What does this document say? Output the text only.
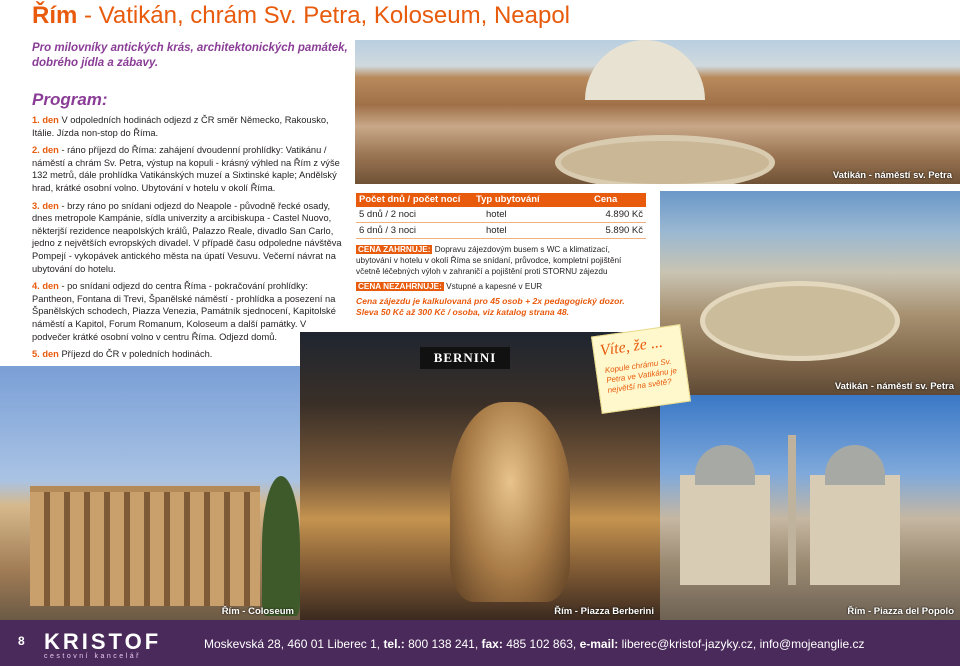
Řím - Vatikán, chrám Sv. Petra, Koloseum, Neapol
Pro milovníky antických krás, architektonických památek, dobrého jídla a zábavy.
Program:

1. den V odpoledních hodinách odjezd z ČR směr Německo, Rakousko, Itálie. Jízda non-stop do Říma.

2. den - ráno příjezd do Říma: zahájení dvoudenní prohlídky: Vatikánu / náměstí a chrám Sv. Petra, výstup na kopuli - krásný výhled na Řím z výše 132 metrů, dále prohlídka Vatikánských muzeí a Sixtinské kaple; Andělský hrad, krátké osobní volno. Ubytování v hotelu v okolí Říma.

3. den - brzy ráno po snídani odjezd do Neapole - původně řecké osady, dnes metropole Kampánie, sídla univerzity a arcibiskupa - Castel Nuovo, některjší rezidence neapolských králů, Palazzo Reale, divadlo San Carlo, jedno z největších evropských divadel. V případě času odpoledne návštěva Pompejí - vykopávek antického města na úpatí Vesuvu. Večerní návrat na ubytování do hotelu.

4. den - po snídani odjezd do centra Říma - pokračování prohlídky: Pantheon, Fontana di Trevi, Španělské náměstí - prohlídka a posezení na Španělských schodech, Piazza Venezia, Památník sjednocení, Kapitolské náměstí a Kapitol, Forum Romanum, Koloseum a další památky. V podvečer krátké osobní volno v centru Říma. Odjezd domů.

5. den Příjezd do ČR v poledních hodinách.

Vatikán - náměstí sv. Petra
Vatikán - náměstí sv. Petra
Řím - Coloseum
BERNINI
Řím - Piazza Berberini	Řím - Piazza del Popolo
Počet dnů / počet nocí	Typ ubytování	Cena
5 dnů / 2 noci	hotel	4.890 Kč
6 dnů / 3 noci	hotel	5.890 Kč
CENA ZAHRNUJE: Dopravu zájezdovým busem s WC a klimatizací, ubytování v hotelu v okolí Říma se snídaní, průvodce, kompletní pojištění včetně léčebných výloh v zahraničí a pojištění proti STORNU zájezdu
CENA NEZAHRNUJE: Vstupné a kapesné v EUR
Cena zájezdu je kalkulovaná pro 45 osob + 2x pedagogický dozor.
Sleva 50 Kč až 300 Kč / osoba, viz katalog strana 48.
Víte, že ...
Kopule chrámu Sv. Petra ve Vatikánu je největší na světě?
8 KRISTOF
cestovní kancelář
Moskevská 28, 460 01 Liberec 1, tel.: 800 138 241, fax: 485 102 863, e-mail: liberec@kristof-jazyky.cz, info@mojeanglie.cz
